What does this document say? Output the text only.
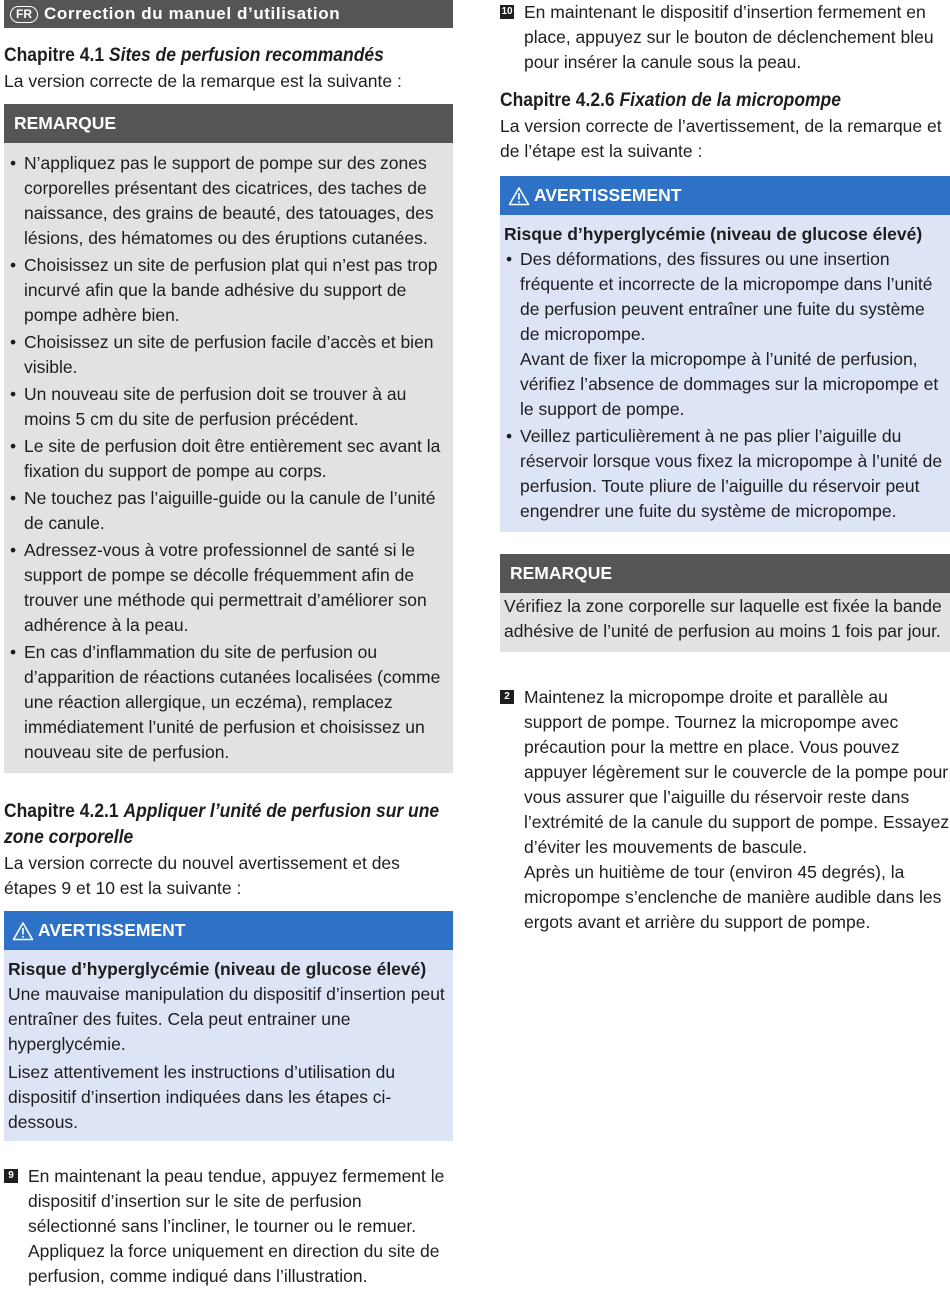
FR Correction du manuel d’utilisation
Chapitre 4.1 Sites de perfusion recommandés
La version correcte de la remarque est la suivante :
REMARQUE
• N’appliquez pas le support de pompe sur des zones corporelles présentant des cicatrices, des taches de naissance, des grains de beauté, des tatouages, des lésions, des hématomes ou des éruptions cutanées.
• Choisissez un site de perfusion plat qui n’est pas trop incurvé afin que la bande adhésive du support de pompe adhère bien.
• Choisissez un site de perfusion facile d’accès et bien visible.
• Un nouveau site de perfusion doit se trouver à au moins 5 cm du site de perfusion précédent.
• Le site de perfusion doit être entièrement sec avant la fixation du support de pompe au corps.
• Ne touchez pas l’aiguille-guide ou la canule de l’unité de canule.
• Adressez-vous à votre professionnel de santé si le support de pompe se décolle fréquemment afin de trouver une méthode qui permettrait d’améliorer son adhérence à la peau.
• En cas d’inflammation du site de perfusion ou d’apparition de réactions cutanées localisées (comme une réaction allergique, un eczéma), remplacez immédiatement l’unité de perfusion et choisissez un nouveau site de perfusion.
Chapitre 4.2.1 Appliquer l’unité de perfusion sur une zone corporelle
La version correcte du nouvel avertissement et des étapes 9 et 10 est la suivante :
AVERTISSEMENT
Risque d’hyperglycémie (niveau de glucose élevé)

Une mauvaise manipulation du dispositif d’insertion peut entraîner des fuites. Cela peut entrainer une hyperglycémie.

Lisez attentivement les instructions d’utilisation du dispositif d’insertion indiquées dans les étapes ci-dessous.

9 En maintenant la peau tendue, appuyez fermement le dispositif d’insertion sur le site de perfusion sélectionné sans l’incliner, le tourner ou le remuer. Appliquez la force uniquement en direction du site de perfusion, comme indiqué dans l’illustration.
10 En maintenant le dispositif d’insertion fermement en place, appuyez sur le bouton de déclenchement bleu pour insérer la canule sous la peau.
Chapitre 4.2.6 Fixation de la micropompe
La version correcte de l’avertissement, de la remarque et de l’étape est la suivante :
AVERTISSEMENT
Risque d’hyperglycémie (niveau de glucose élevé)
• Des déformations, des fissures ou une insertion fréquente et incorrecte de la micropompe dans l’unité de perfusion peuvent entraîner une fuite du système de micropompe.
Avant de fixer la micropompe à l’unité de perfusion, vérifiez l’absence de dommages sur la micropompe et le support de pompe.
• Veillez particulièrement à ne pas plier l’aiguille du réservoir lorsque vous fixez la micropompe à l’unité de perfusion. Toute pliure de l’aiguille du réservoir peut engendrer une fuite du système de micropompe.
REMARQUE

Vérifiez la zone corporelle sur laquelle est fixée la bande adhésive de l’unité de perfusion au moins 1 fois par jour.

2 Maintenez la micropompe droite et parallèle au support de pompe. Tournez la micropompe avec précaution pour la mettre en place. Vous pouvez appuyer légèrement sur le couvercle de la pompe pour vous assurer que l’aiguille du réservoir reste dans l’extrémité de la canule du support de pompe. Essayez d’éviter les mouvements de bascule.
Après un huitième de tour (environ 45 degrés), la micropompe s’enclenche de manière audible dans les ergots avant et arrière du support de pompe.
